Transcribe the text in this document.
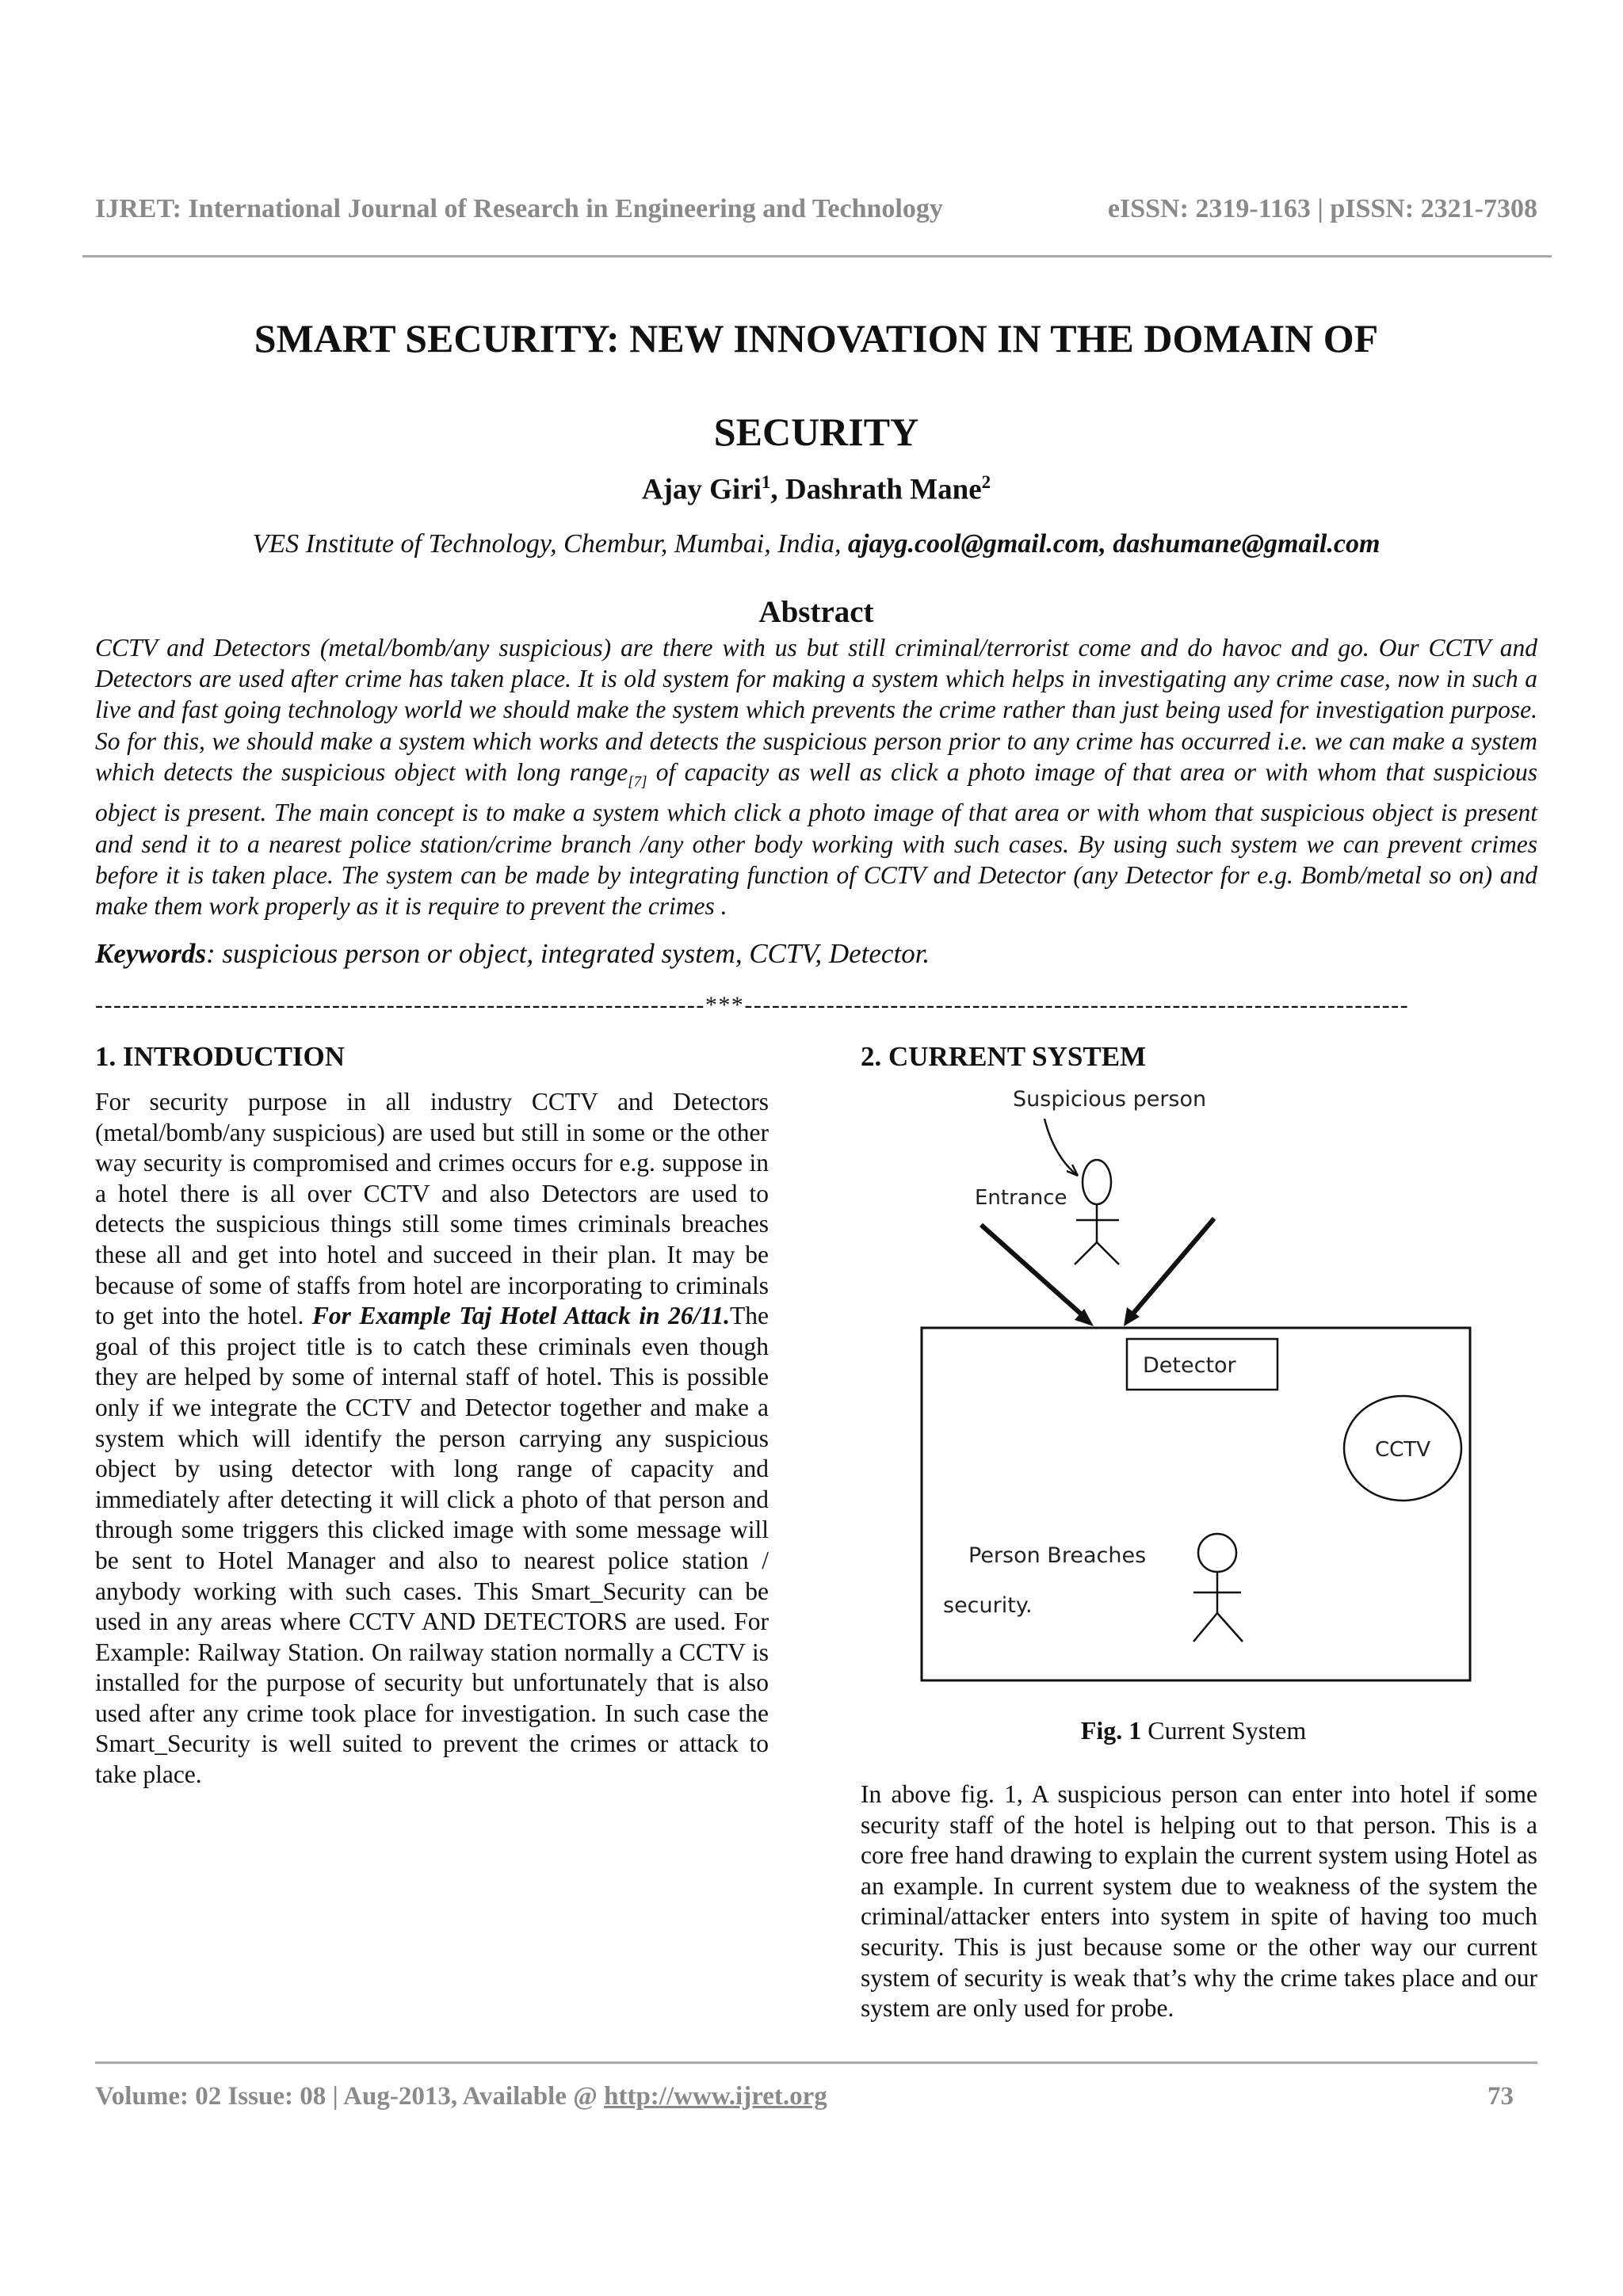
IJRET: International Journal of Research in Engineering and Technology	eISSN: 2319-1163 | pISSN: 2321-7308
SMART SECURITY: NEW INNOVATION IN THE DOMAIN OF
SECURITY
Ajay Giri$^1$, Dashrath Mane$^2$
VES Institute of Technology, Chembur, Mumbai, India, ajayg.cool@gmail.com, dashumane@gmail.com
Abstract
CCTV and Detectors (metal/bomb/any suspicious) are there with us but still criminal/terrorist come and do havoc and go. Our CCTV and Detectors are used after crime has taken place. It is old system for making a system which helps in investigating any crime case, now in such a live and fast going technology world we should make the system which prevents the crime rather than just being used for investigation purpose. So for this, we should make a system which works and detects the suspicious person prior to any crime has occurred i.e. we can make a system which detects the suspicious object with long range$_{[7]}$ of capacity as well as click a photo image of that area or with whom that suspicious object is present. The main concept is to make a system which click a photo image of that area or with whom that suspicious object is present and send it to a nearest police station/crime branch /any other body working with such cases. By using such system we can prevent crimes before it is taken place. The system can be made by integrating function of CCTV and Detector (any Detector for e.g. Bomb/metal so on) and make them work properly as it is require to prevent the crimes .
Keywords: suspicious person or object, integrated system, CCTV, Detector.
-------------------------------------------------------------------***-------------------------------------------------------------------------
1. INTRODUCTION
For security purpose in all industry CCTV and Detectors (metal/bomb/any suspicious) are used but still in some or the other way security is compromised and crimes occurs for e.g. suppose in a hotel there is all over CCTV and also Detectors are used to detects the suspicious things still some times criminals breaches these all and get into hotel and succeed in their plan. It may be because of some of staffs from hotel are incorporating to criminals to get into the hotel. For Example Taj Hotel Attack in 26/11.The goal of this project title is to catch these criminals even though they are helped by some of internal staff of hotel. This is possible only if we integrate the CCTV and Detector together and make a system which will identify the person carrying any suspicious object by using detector with long range of capacity and immediately after detecting it will click a photo of that person and through some triggers this clicked image with some message will be sent to Hotel Manager and also to nearest police station / anybody working with such cases. This Smart_Security can be used in any areas where CCTV AND DETECTORS are used. For Example: Railway Station. On railway station normally a CCTV is installed for the purpose of security but unfortunately that is also used after any crime took place for investigation. In such case the Smart_Security is well suited to prevent the crimes or attack to take place.
2. CURRENT SYSTEM
Suspicious person
Entrance
Detector
CCTV
Person Breaches
security.
Fig. 1 Current System
In above fig. 1, A suspicious person can enter into hotel if some security staff of the hotel is helping out to that person. This is a core free hand drawing to explain the current system using Hotel as an example. In current system due to weakness of the system the criminal/attacker enters into system in spite of having too much security. This is just because some or the other way our current system of security is weak that’s why the crime takes place and our system are only used for probe.
Volume: 02 Issue: 08 | Aug-2013, Available @ http://www.ijret.org	73
